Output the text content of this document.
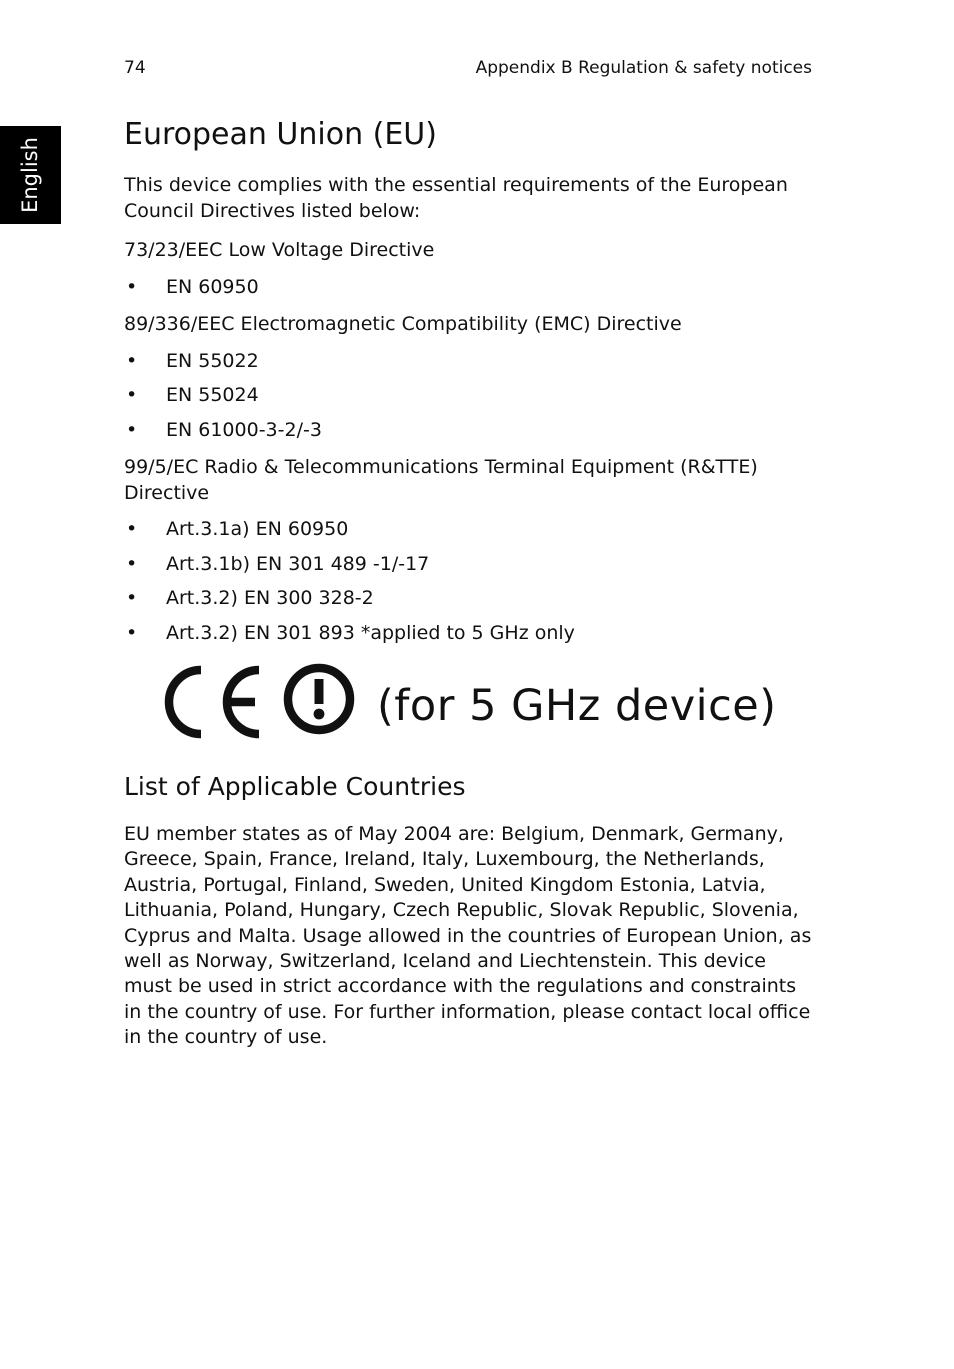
74	Appendix B Regulation & safety notices
English
European Union (EU)

This device complies with the essential requirements of the European Council Directives listed below:

73/23/EEC Low Voltage Directive

• EN 60950

89/336/EEC Electromagnetic Compatibility (EMC) Directive

• EN 55022
• EN 55024
• EN 61000-3-2/-3

99/5/EC Radio & Telecommunications Terminal Equipment (R&TTE) Directive

• Art.3.1a) EN 60950
• Art.3.1b) EN 301 489 -1/-17
• Art.3.2) EN 300 328-2
• Art.3.2) EN 301 893 *applied to 5 GHz only
(for 5 GHz device)
List of Applicable Countries

EU member states as of May 2004 are: Belgium, Denmark, Germany, Greece, Spain, France, Ireland, Italy, Luxembourg, the Netherlands, Austria, Portugal, Finland, Sweden, United Kingdom Estonia, Latvia, Lithuania, Poland, Hungary, Czech Republic, Slovak Republic, Slovenia, Cyprus and Malta. Usage allowed in the countries of European Union, as well as Norway, Switzerland, Iceland and Liechtenstein. This device must be used in strict accordance with the regulations and constraints in the country of use. For further information, please contact local office in the country of use.
